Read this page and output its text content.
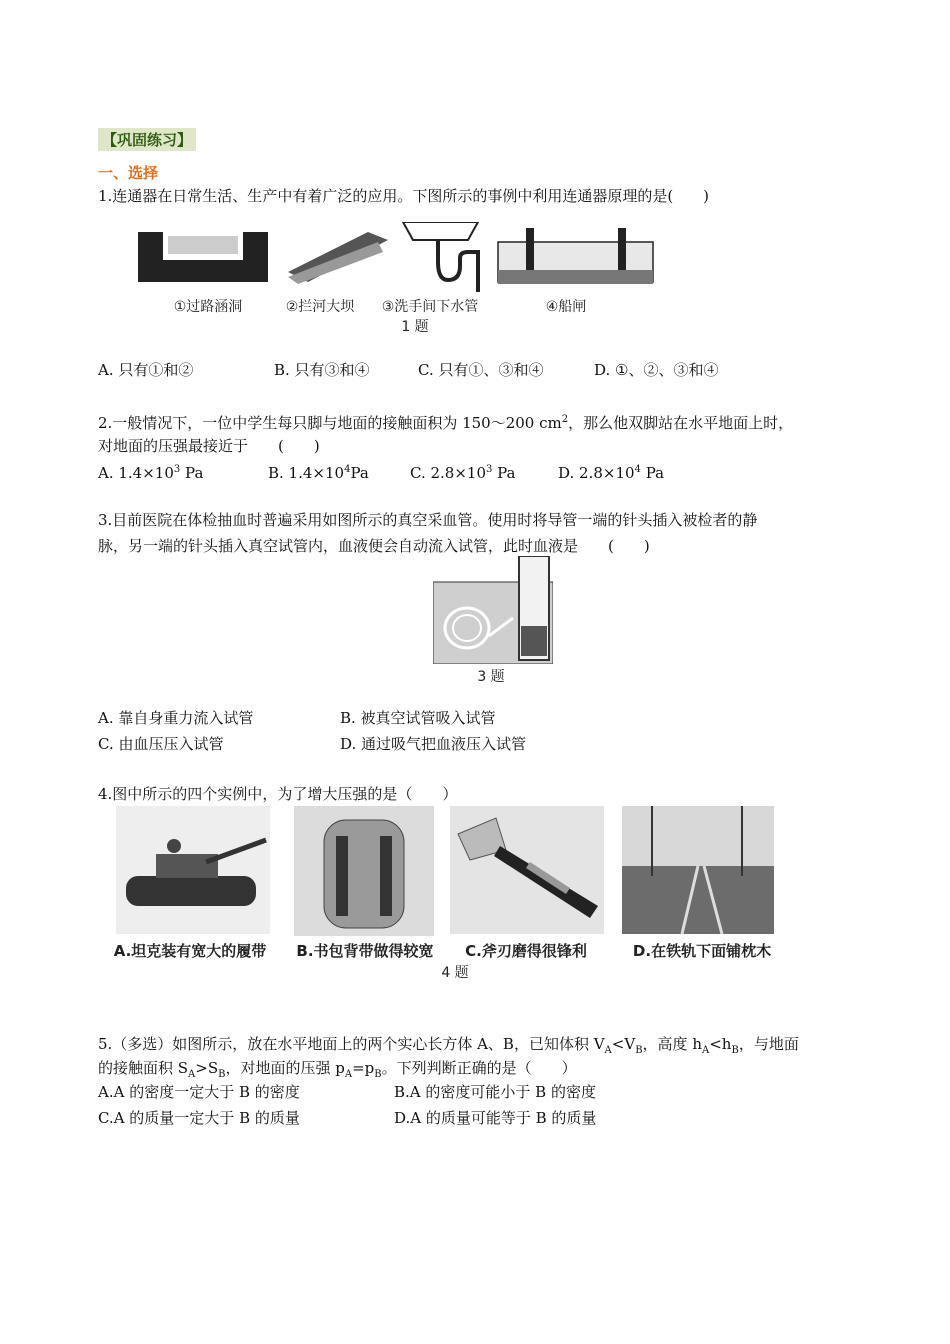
【巩固练习】
一、选择
1.连通器在日常生活、生产中有着广泛的应用。下图所示的事例中利用连通器原理的是(　　)
①过路涵洞	②拦河大坝	③洗手间下水管	④船闸
1 题
A. 只有①和②	B. 只有③和④	C. 只有①、③和④	D. ①、②、③和④
2.一般情况下，一位中学生每只脚与地面的接触面积为 150～200 $cm^2$，那么他双脚站在水平地面上时，
对地面的压强最接近于　　(　　)
A. $1.4\times 10^3$ Pa	B. $1.4\times 10^4Pa$	C. $2.8\times 10^3$ Pa	D. $2.8\times 10^4$ Pa
3.目前医院在体检抽血时普遍采用如图所示的真空采血管。使用时将导管一端的针头插入被检者的静
脉，另一端的针头插入真空试管内，血液便会自动流入试管，此时血液是　　(　　)
3 题
A. 靠自身重力流入试管	B. 被真空试管吸入试管
C. 由血压压入试管	D. 通过吸气把血液压入试管
4.图中所示的四个实例中，为了增大压强的是（　　）
A.坦克装有宽大的履带	B.书包背带做得较宽	C.斧刃磨得很锋利	D.在铁轨下面铺枕木
4 题
5.（多选）如图所示，放在水平地面上的两个实心长方体 A、B，已知体积 $V_A<V_B$，高度 $h_A<h_B$，与地面
的接触面积 $S_A>S_B$，对地面的压强 $p_A=p_B$。下列判断正确的是（　　）
A.A 的密度一定大于 B 的密度	B.A 的密度可能小于 B 的密度
C.A 的质量一定大于 B 的质量	D.A 的质量可能等于 B 的质量
